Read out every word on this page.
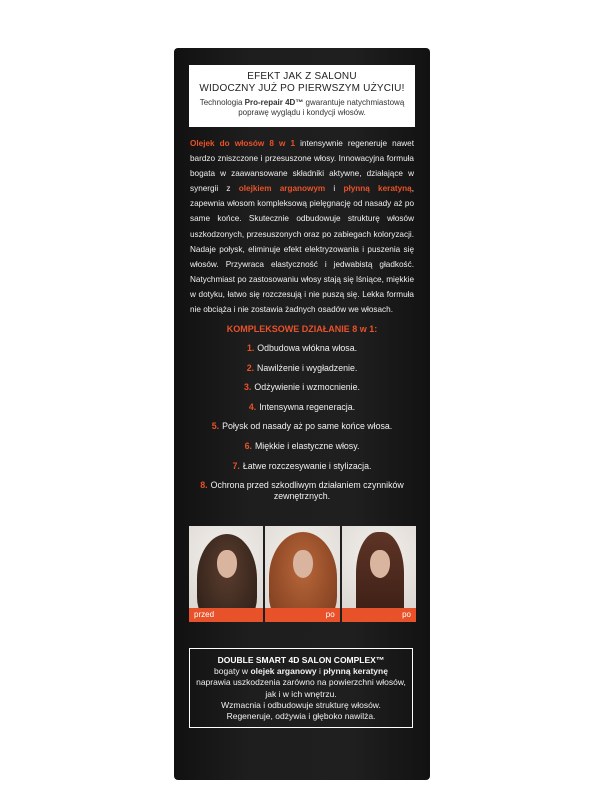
EFEKT JAK Z SALONU
WIDOCZNY JUŻ PO PIERWSZYM UŻYCIU!
Technologia Pro-repair 4D™ gwarantuje natychmiastową poprawę wyglądu i kondycji włosów.
Olejek do włosów 8 w 1 intensywnie regeneruje nawet bardzo zniszczone i przesuszone włosy. Innowacyjna formuła bogata w zaawansowane składniki aktywne, działające w synergii z olejkiem arganowym i płynną keratyną, zapewnia włosom kompleksową pielęgnację od nasady aż po same końce. Skutecznie odbudowuje strukturę włosów uszkodzonych, przesuszonych oraz po zabiegach koloryzacji. Nadaje połysk, eliminuje efekt elektryzowania i puszenia się włosów. Przywraca elastyczność i jedwabistą gładkość. Natychmiast po zastosowaniu włosy stają się lśniące, miękkie w dotyku, łatwo się rozczesują i nie puszą się. Lekka formuła nie obciąża i nie zostawia żadnych osadów we włosach.
KOMPLEKSOWE DZIAŁANIE 8 w 1:
1. Odbudowa włókna włosa.
2. Nawilżenie i wygładzenie.
3. Odżywienie i wzmocnienie.
4. Intensywna regeneracja.
5. Połysk od nasady aż po same końce włosa.
6. Miękkie i elastyczne włosy.
7. Łatwe rozczesywanie i stylizacja.
8. Ochrona przed szkodliwym działaniem czynników zewnętrznych.
przed	po	po
DOUBLE SMART 4D SALON COMPLEX™
bogaty w olejek arganowy i płynną keratynę
naprawia uszkodzenia zarówno na powierzchni włosów, jak i w ich wnętrzu.
Wzmacnia i odbudowuje strukturę włosów.
Regeneruje, odżywia i głęboko nawilża.
